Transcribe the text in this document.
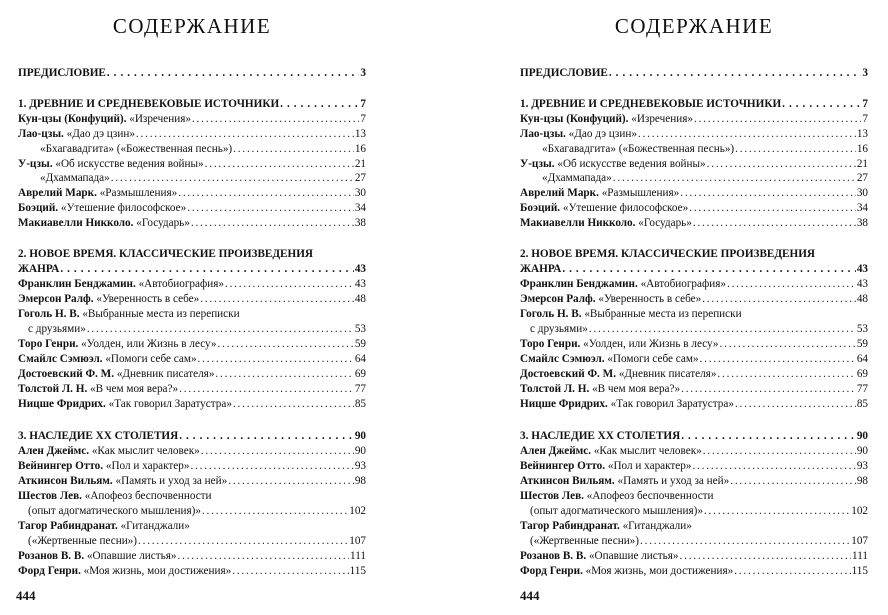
СОДЕРЖАНИЕ
ПРЕДИСЛОВИЕ . . .	3
1. ДРЕВНИЕ И СРЕДНЕВЕКОВЫЕ ИСТОЧНИКИ . . .	7
Кун-цзы (Конфуций). «Изречения» . . .	7
Лао-цзы. «Дао дэ цзин» . . .	13
«Бхагавадгита» («Божественная песнь») . . .	16
У-цзы. «Об искусстве ведения войны» . . .	21
«Дхаммапада» . . .	27
Аврелий Марк. «Размышления» . . .	30
Боэций. «Утешение философское» . . .	34
Макиавелли Никколо. «Государь» . . .	38
2. НОВОЕ ВРЕМЯ. КЛАССИЧЕСКИЕ ПРОИЗВЕДЕНИЯ
ЖАНРА . . .	43
Франклин Бенджамин. «Автобиография» . . .	43
Эмерсон Ралф. «Уверенность в себе» . . .	48
Гоголь Н. В. «Выбранные места из переписки
с друзьями» . . .	53
Торо Генри. «Уолден, или Жизнь в лесу» . . .	59
Смайлс Сэмюэл. «Помоги себе сам» . . .	64
Достоевский Ф. М. «Дневник писателя» . . .	69
Толстой Л. Н. «В чем моя вера?» . . .	77
Ницше Фридрих. «Так говорил Заратустра» . . .	85
3. НАСЛЕДИЕ XX СТОЛЕТИЯ . . .	90
Ален Джеймс. «Как мыслит человек» . . .	90
Вейнингер Отто. «Пол и характер» . . .	93
Аткинсон Вильям. «Память и уход за ней» . . .	98
Шестов Лев. «Апофеоз беспочвенности
(опыт адогматического мышления)» . . .	102
Тагор Рабиндранат. «Гитанджали»
(«Жертвенные песни») . . .	107
Розанов В. В. «Опавшие листья» . . .	111
Форд Генри. «Моя жизнь, мои достижения» . . .	115
444
СОДЕРЖАНИЕ
ПРЕДИСЛОВИЕ . . .	3
1. ДРЕВНИЕ И СРЕДНЕВЕКОВЫЕ ИСТОЧНИКИ . . .	7
Кун-цзы (Конфуций). «Изречения» . . .	7
Лао-цзы. «Дао дэ цзин» . . .	13
«Бхагавадгита» («Божественная песнь») . . .	16
У-цзы. «Об искусстве ведения войны» . . .	21
«Дхаммапада» . . .	27
Аврелий Марк. «Размышления» . . .	30
Боэций. «Утешение философское» . . .	34
Макиавелли Никколо. «Государь» . . .	38
2. НОВОЕ ВРЕМЯ. КЛАССИЧЕСКИЕ ПРОИЗВЕДЕНИЯ
ЖАНРА . . .	43
Франклин Бенджамин. «Автобиография» . . .	43
Эмерсон Ралф. «Уверенность в себе» . . .	48
Гоголь Н. В. «Выбранные места из переписки
с друзьями» . . .	53
Торо Генри. «Уолден, или Жизнь в лесу» . . .	59
Смайлс Сэмюэл. «Помоги себе сам» . . .	64
Достоевский Ф. М. «Дневник писателя» . . .	69
Толстой Л. Н. «В чем моя вера?» . . .	77
Ницше Фридрих. «Так говорил Заратустра» . . .	85
3. НАСЛЕДИЕ XX СТОЛЕТИЯ . . .	90
Ален Джеймс. «Как мыслит человек» . . .	90
Вейнингер Отто. «Пол и характер» . . .	93
Аткинсон Вильям. «Память и уход за ней» . . .	98
Шестов Лев. «Апофеоз беспочвенности
(опыт адогматического мышления)» . . .	102
Тагор Рабиндранат. «Гитанджали»
(«Жертвенные песни») . . .	107
Розанов В. В. «Опавшие листья» . . .	111
Форд Генри. «Моя жизнь, мои достижения» . . .	115
444
